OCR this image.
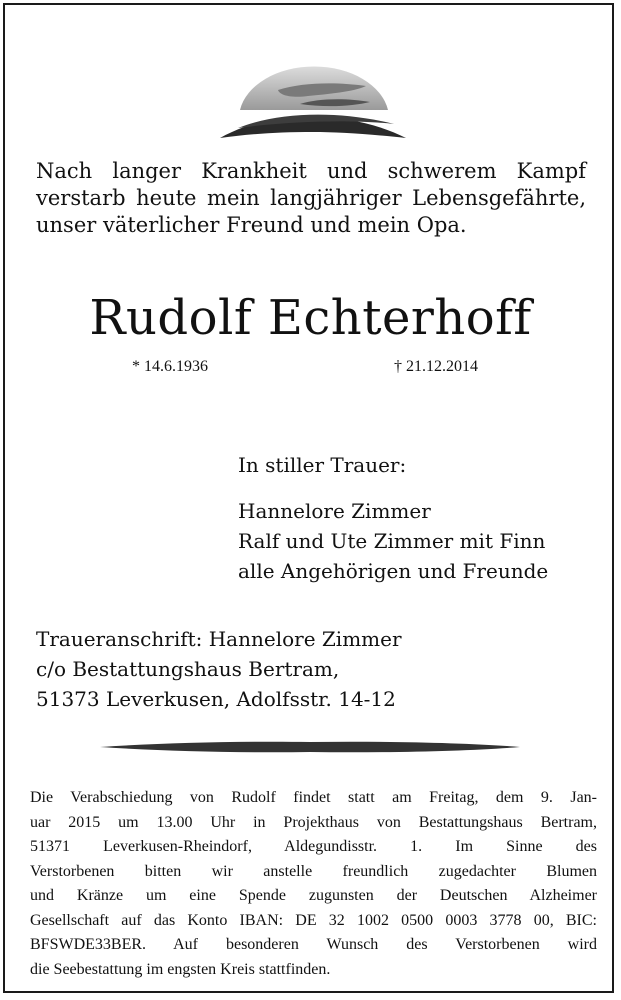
Nach langer Krankheit und schwerem Kampf
verstarb heute mein langjähriger Lebensgefährte,
unser väterlicher Freund und mein Opa.
Rudolf Echterhoff
* 14.6.1936	† 21.12.2014
In stiller Trauer:
Hannelore Zimmer
Ralf und Ute Zimmer mit Finn
alle Angehörigen und Freunde
Traueranschrift: Hannelore Zimmer
c/o Bestattungshaus Bertram,
51373 Leverkusen, Adolfsstr. 14-12
Die Verabschiedung von Rudolf findet statt am Freitag, dem 9. Jan-
uar 2015 um 13.00 Uhr in Projekthaus von Bestattungshaus Bertram,
51371 Leverkusen-Rheindorf, Aldegundisstr. 1. Im Sinne des
Verstorbenen bitten wir anstelle freundlich zugedachter Blumen
und Kränze um eine Spende zugunsten der Deutschen Alzheimer
Gesellschaft auf das Konto IBAN: DE 32 1002 0500 0003 3778 00, BIC:
BFSWDE33BER. Auf besonderen Wunsch des Verstorbenen wird
die Seebestattung im engsten Kreis stattfinden.
